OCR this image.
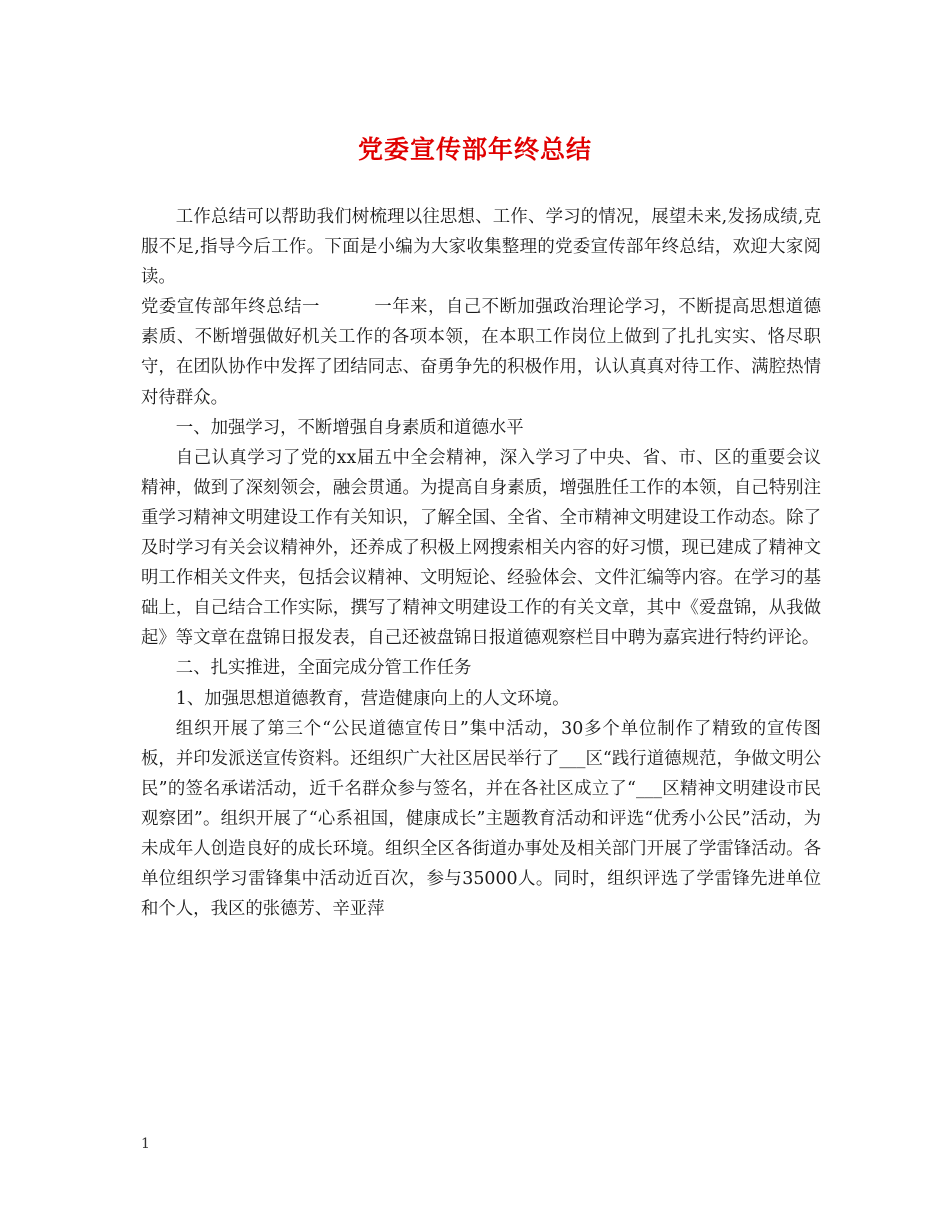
党委宣传部年终总结

工作总结可以帮助我们树梳理以往思想、工作、学习的情况，展望未来,发扬成绩,克服不足,指导今后工作。下面是小编为大家收集整理的党委宣传部年终总结，欢迎大家阅读。

党委宣传部年终总结一	一年来，自己不断加强政治理论学习，不断提高思想道德素质、不断增强做好机关工作的各项本领，在本职工作岗位上做到了扎扎实实、恪尽职守，在团队协作中发挥了团结同志、奋勇争先的积极作用，认认真真对待工作、满腔热情对待群众。

一、加强学习，不断增强自身素质和道德水平

自己认真学习了党的xx届五中全会精神，深入学习了中央、省、市、区的重要会议精神，做到了深刻领会，融会贯通。为提高自身素质，增强胜任工作的本领，自己特别注重学习精神文明建设工作有关知识，了解全国、全省、全市精神文明建设工作动态。除了及时学习有关会议精神外，还养成了积极上网搜索相关内容的好习惯，现已建成了精神文明工作相关文件夹，包括会议精神、文明短论、经验体会、文件汇编等内容。在学习的基础上，自己结合工作实际，撰写了精神文明建设工作的有关文章，其中《爱盘锦，从我做起》等文章在盘锦日报发表，自己还被盘锦日报道德观察栏目中聘为嘉宾进行特约评论。

二、扎实推进，全面完成分管工作任务

1、加强思想道德教育，营造健康向上的人文环境。

组织开展了第三个“公民道德宣传日”集中活动，30多个单位制作了精致的宣传图板，并印发派送宣传资料。还组织广大社区居民举行了___区“践行道德规范，争做文明公民”的签名承诺活动，近千名群众参与签名，并在各社区成立了“___区精神文明建设市民观察团”。组织开展了“心系祖国，健康成长”主题教育活动和评选“优秀小公民”活动，为未成年人创造良好的成长环境。组织全区各街道办事处及相关部门开展了学雷锋活动。各单位组织学习雷锋集中活动近百次，参与35000人。同时，组织评选了学雷锋先进单位和个人，我区的张德芳、辛亚萍

1
